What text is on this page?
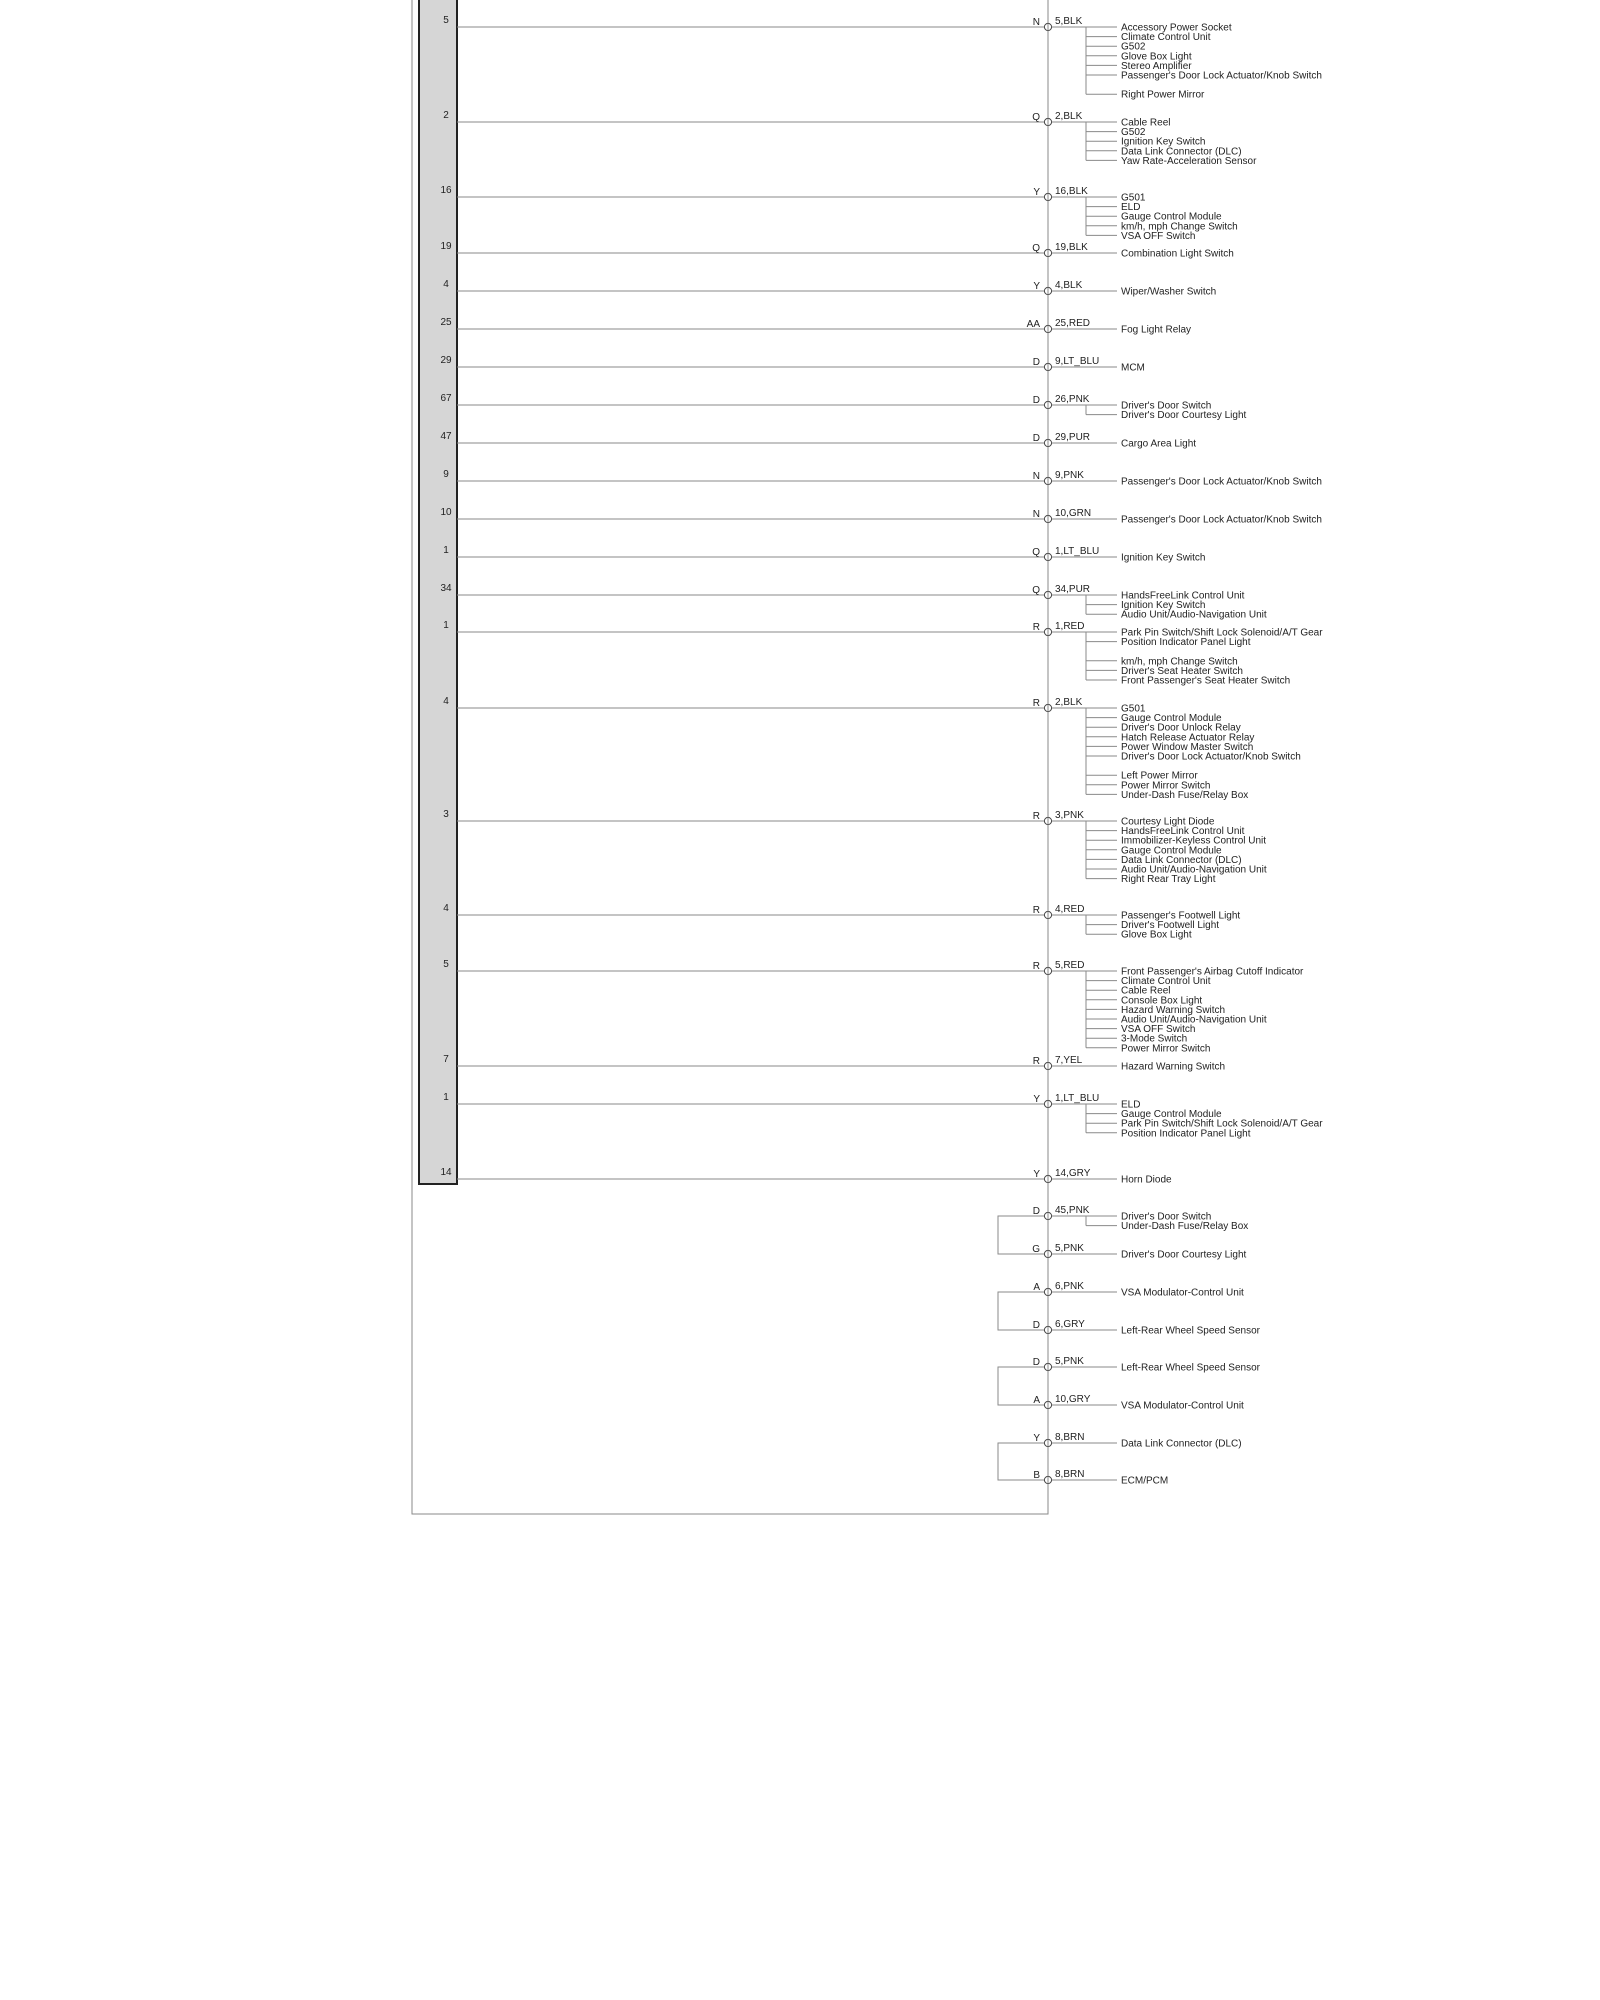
5	N 5,BLK
Accessory Power Socket
Climate Control Unit
G502
Glove Box Light
Stereo Amplifier
Passenger's Door Lock Actuator/Knob Switch
Right Power Mirror
2	Q 2,BLK
Cable Reel
G502
Ignition Key Switch
Data Link Connector (DLC)
Yaw Rate-Acceleration Sensor
16	Y 16,BLK
G501
ELD
Gauge Control Module
km/h, mph Change Switch
VSA OFF Switch
19	Q 19,BLK
Combination Light Switch
4	Y 4,BLK
Wiper/Washer Switch
25	AA 25,RED
Fog Light Relay
29	D 9,LT_BLU
MCM
67	D 26,PNK
Driver's Door Switch
Driver's Door Courtesy Light
47	D 29,PUR
Cargo Area Light
9	N 9,PNK
Passenger's Door Lock Actuator/Knob Switch
10	N 10,GRN
Passenger's Door Lock Actuator/Knob Switch
1	Q 1,LT_BLU
Ignition Key Switch
34	Q 34,PUR
HandsFreeLink Control Unit
Ignition Key Switch
Audio Unit/Audio-Navigation Unit
1	R 1,RED
Park Pin Switch/Shift Lock Solenoid/A/T Gear
Position Indicator Panel Light
km/h, mph Change Switch
Driver's Seat Heater Switch
Front Passenger's Seat Heater Switch
4	R 2,BLK
G501
Gauge Control Module
Driver's Door Unlock Relay
Hatch Release Actuator Relay
Power Window Master Switch
Driver's Door Lock Actuator/Knob Switch
Left Power Mirror
Power Mirror Switch
Under-Dash Fuse/Relay Box
3	R 3,PNK
Courtesy Light Diode
HandsFreeLink Control Unit
Immobilizer-Keyless Control Unit
Gauge Control Module
Data Link Connector (DLC)
Audio Unit/Audio-Navigation Unit
Right Rear Tray Light
4	R 4,RED
Passenger's Footwell Light
Driver's Footwell Light
Glove Box Light
5	R 5,RED
Front Passenger's Airbag Cutoff Indicator
Climate Control Unit
Cable Reel
Console Box Light
Hazard Warning Switch
Audio Unit/Audio-Navigation Unit
VSA OFF Switch
3-Mode Switch
Power Mirror Switch
7	R 7,YEL
Hazard Warning Switch
1	Y 1,LT_BLU
ELD
Gauge Control Module
Park Pin Switch/Shift Lock Solenoid/A/T Gear
Position Indicator Panel Light
14	Y 14,GRY
Horn Diode
D 45,PNK
Driver's Door Switch
Under-Dash Fuse/Relay Box
G 5,PNK
Driver's Door Courtesy Light
A 6,PNK
VSA Modulator-Control Unit
D 6,GRY
Left-Rear Wheel Speed Sensor
D 5,PNK
Left-Rear Wheel Speed Sensor
A 10,GRY
VSA Modulator-Control Unit
Y 8,BRN
Data Link Connector (DLC)
B 8,BRN
ECM/PCM
